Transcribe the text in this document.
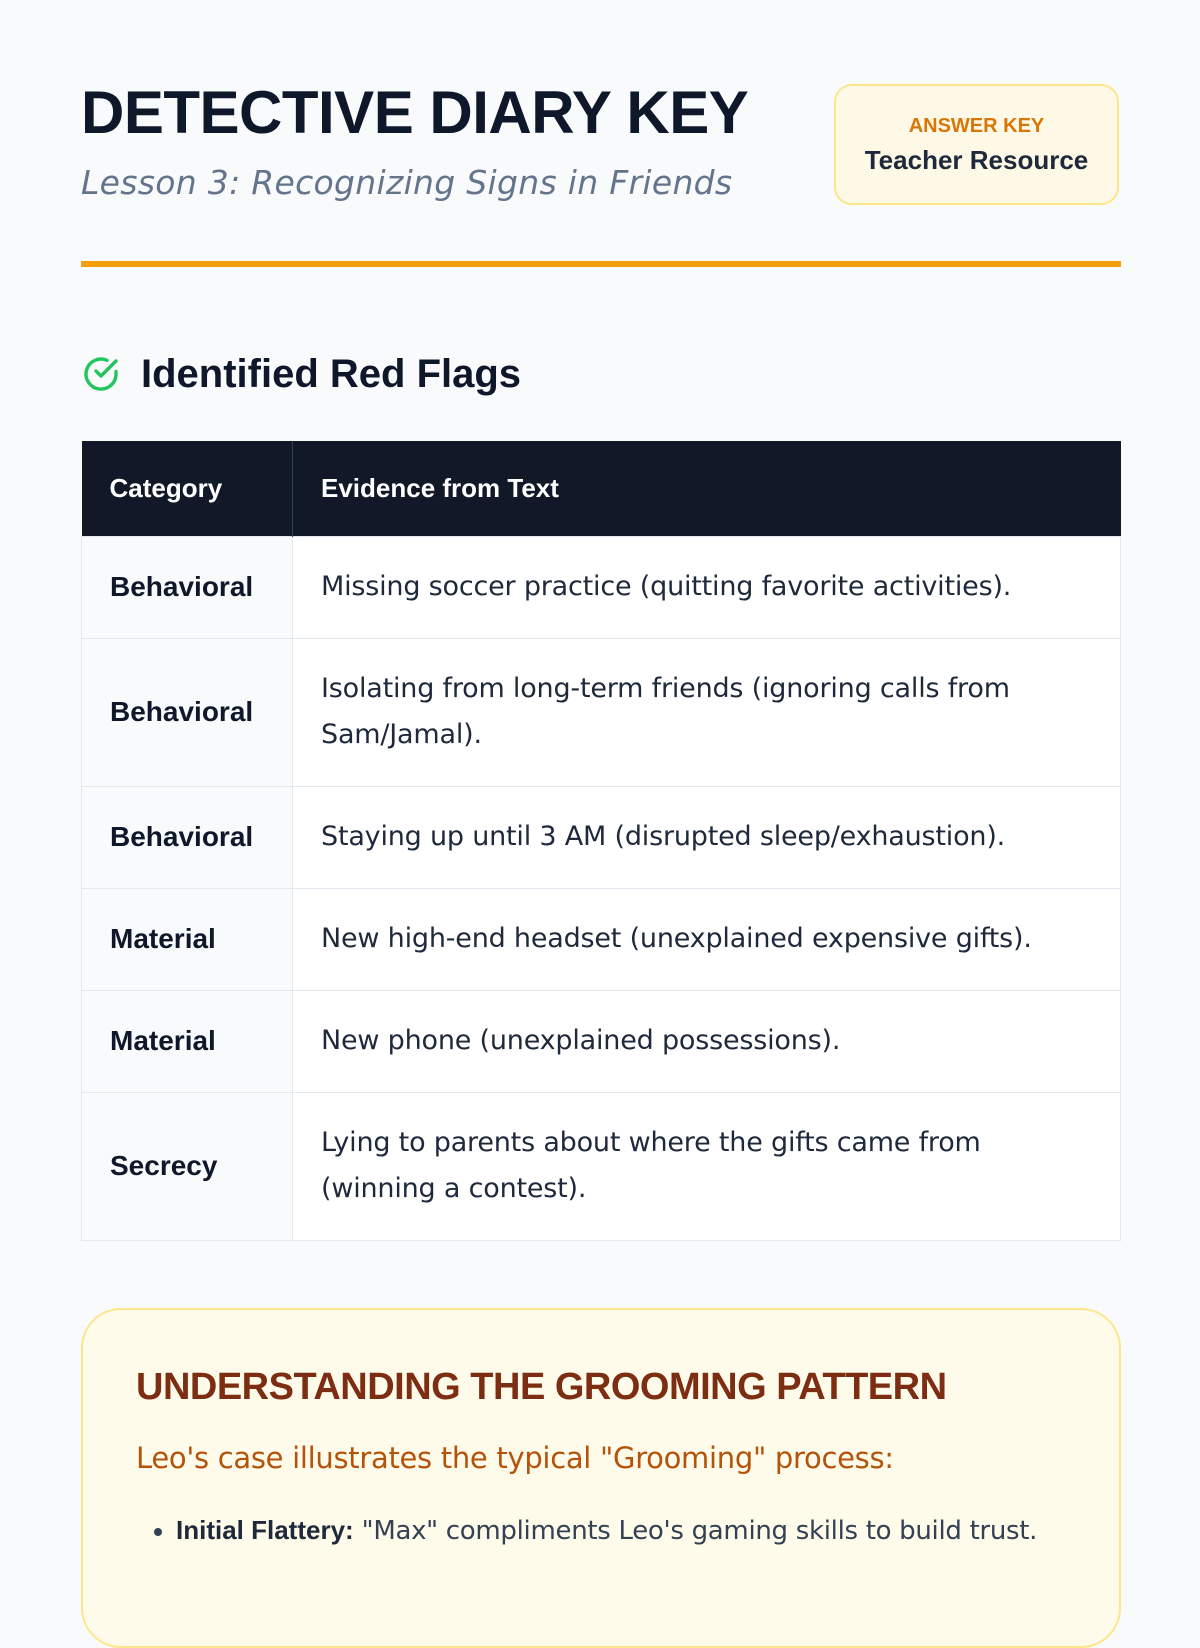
DETECTIVE DIARY KEY
Lesson 3: Recognizing Signs in Friends
ANSWER KEY
Teacher Resource
Identified Red Flags
Category	Evidence from Text
Behavioral	Missing soccer practice (quitting favorite activities).
Behavioral	Isolating from long-term friends (ignoring calls from Sam/Jamal).
Behavioral	Staying up until 3 AM (disrupted sleep/exhaustion).
Material	New high-end headset (unexplained expensive gifts).
Material	New phone (unexplained possessions).
Secrecy	Lying to parents about where the gifts came from (winning a contest).
UNDERSTANDING THE GROOMING PATTERN
Leo's case illustrates the typical "Grooming" process:
• Initial Flattery: "Max" compliments Leo's gaming skills to build trust.
